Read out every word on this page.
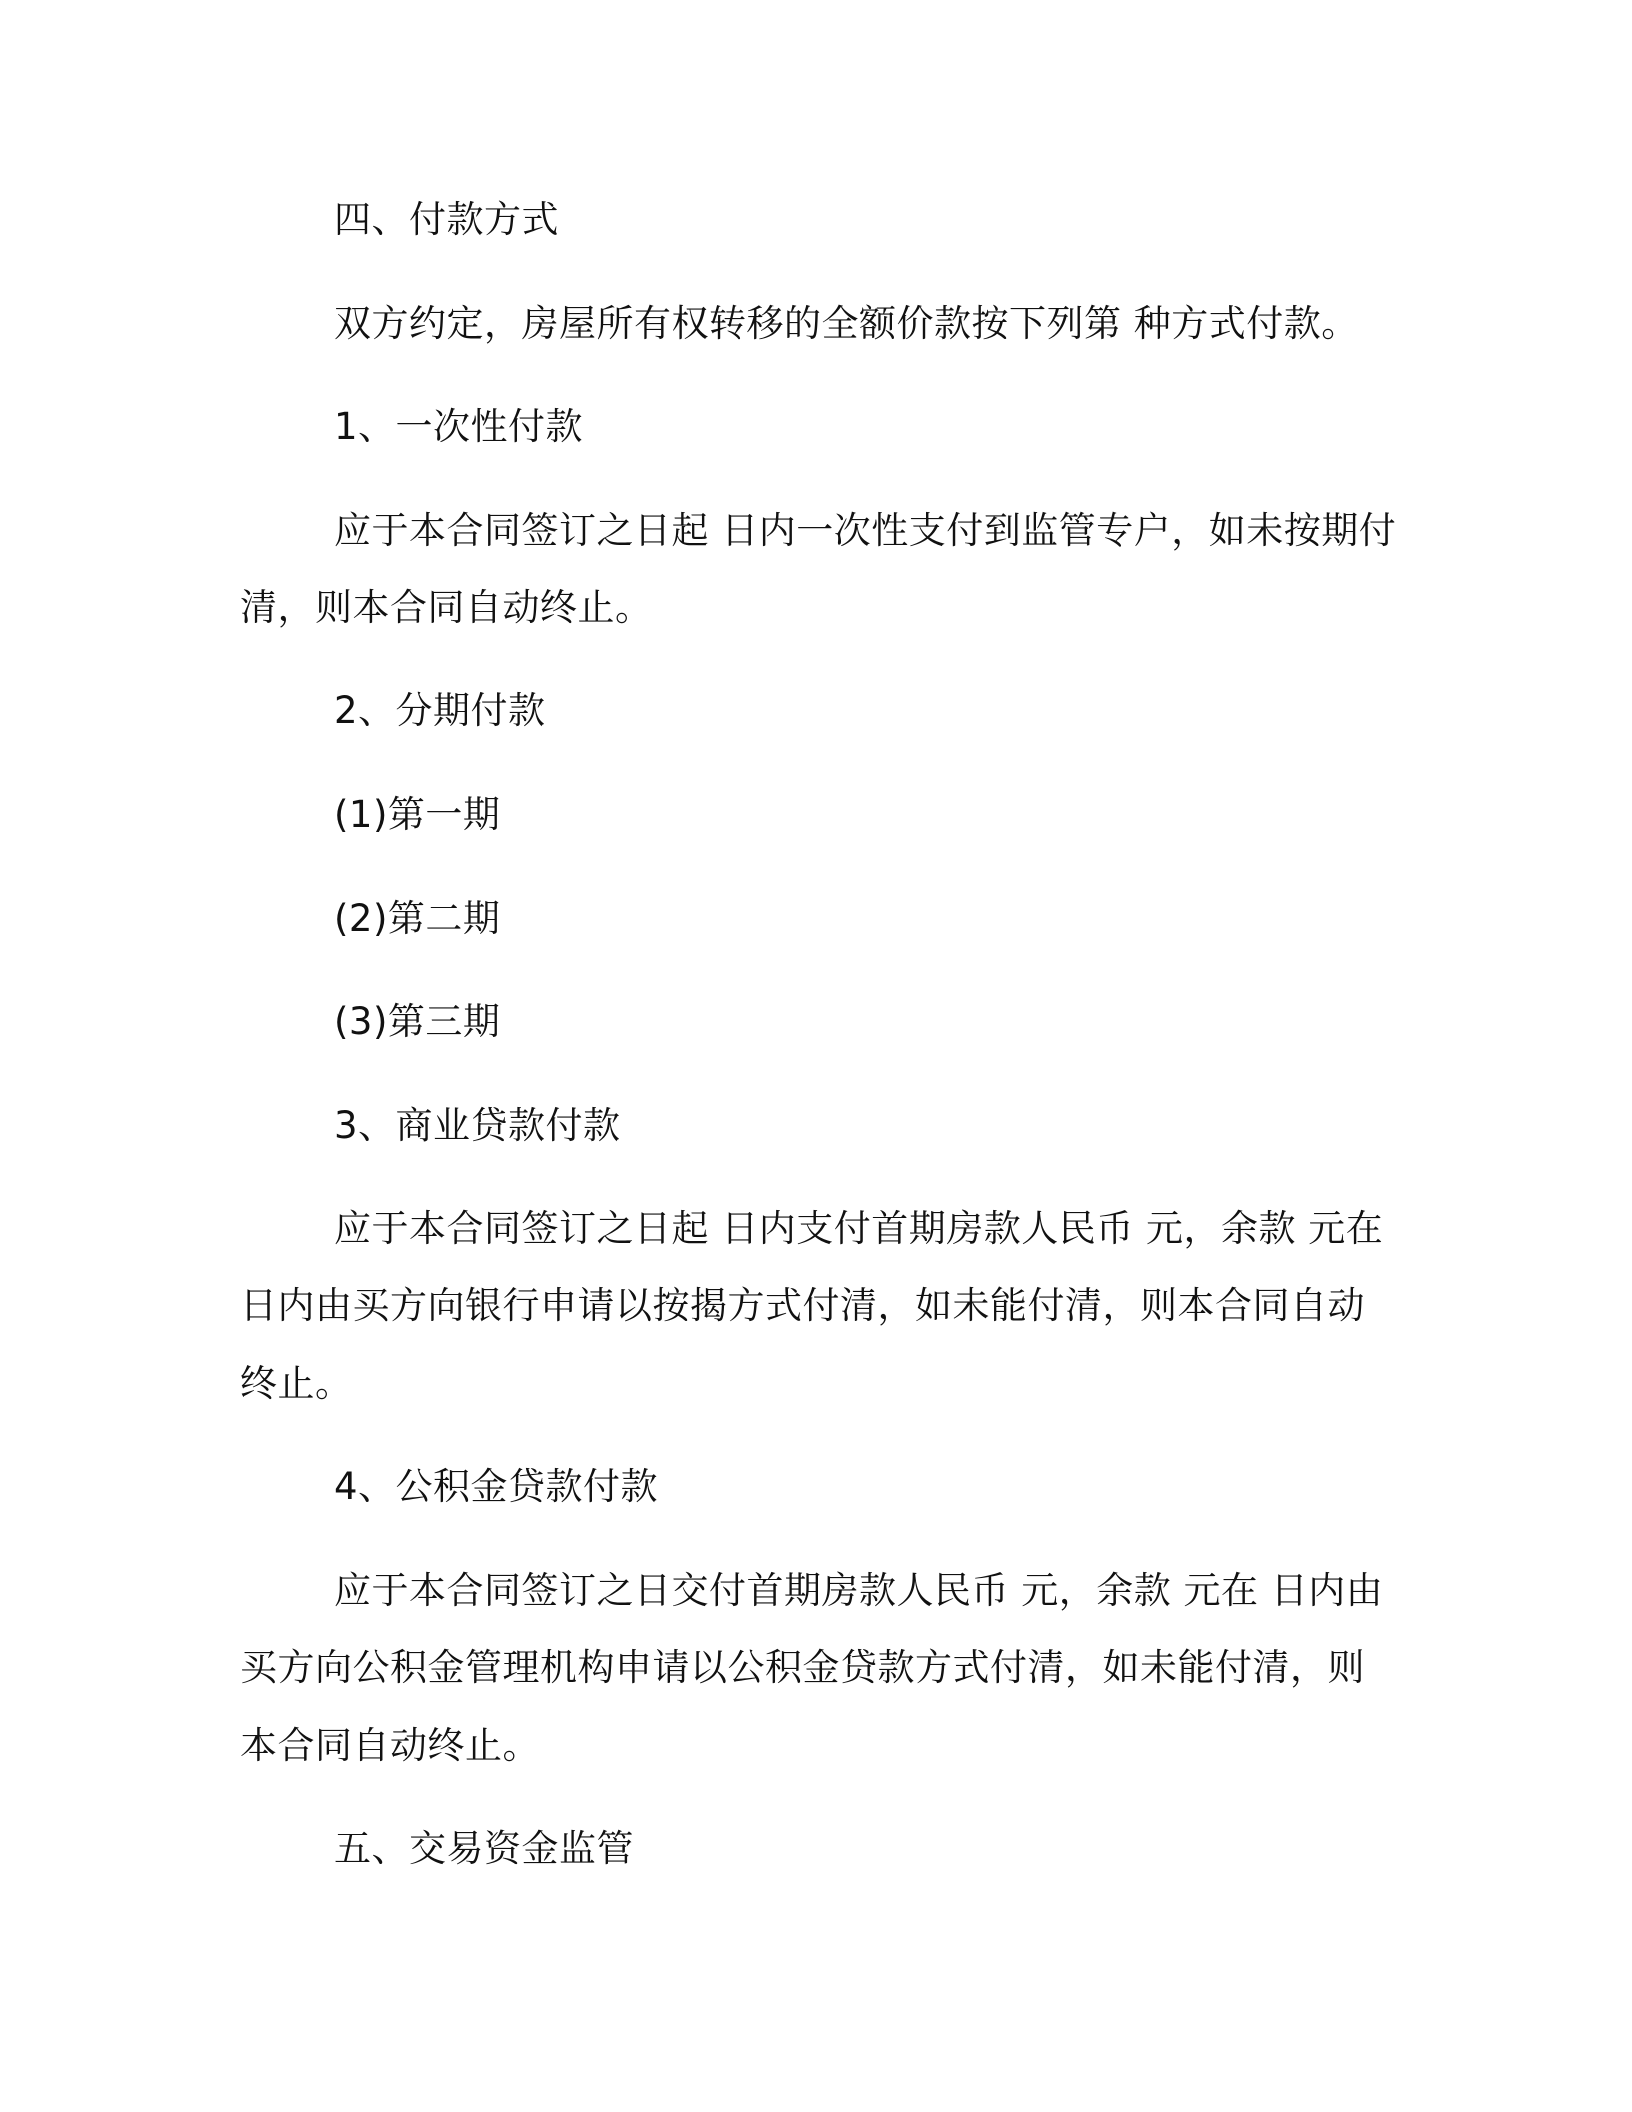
四、付款方式
双方约定，房屋所有权转移的全额价款按下列第 种方式付款。
1、一次性付款
应于本合同签订之日起 日内一次性支付到监管专户，如未按期付
清，则本合同自动终止。
2、分期付款
(1)第一期
(2)第二期
(3)第三期
3、商业贷款付款
应于本合同签订之日起 日内支付首期房款人民币 元，余款 元在
日内由买方向银行申请以按揭方式付清，如未能付清，则本合同自动
终止。
4、公积金贷款付款
应于本合同签订之日交付首期房款人民币 元，余款 元在 日内由
买方向公积金管理机构申请以公积金贷款方式付清，如未能付清，则
本合同自动终止。
五、交易资金监管
